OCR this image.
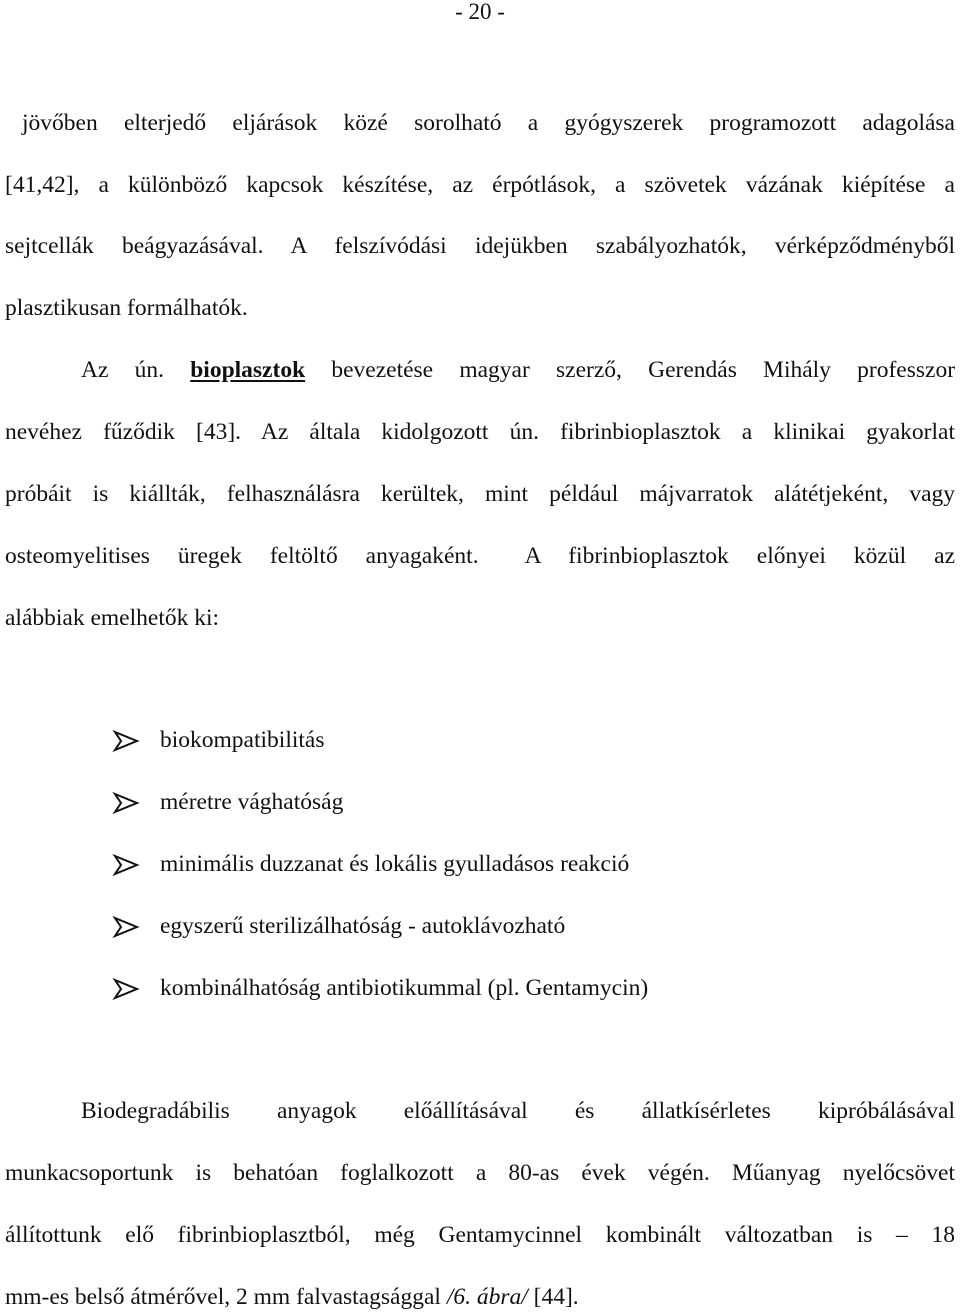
- 20 -
jövőben elterjedő eljárások közé sorolható a gyógyszerek programozott adagolása
[41,42], a különböző kapcsok készítése, az érpótlások, a szövetek vázának kiépítése a
sejtcellák beágyazásával. A felszívódási idejükben szabályozhatók, vérképződményből
plasztikusan formálhatók.
Az ún. bioplasztok bevezetése magyar szerző, Gerendás Mihály professzor
nevéhez fűződik [43]. Az általa kidolgozott ún. fibrinbioplasztok a klinikai gyakorlat
próbáit is kiállták, felhasználásra kerültek, mint például májvarratok alátétjeként, vagy
osteomyelitises üregek feltöltő anyagaként. A fibrinbioplasztok előnyei közül az
alábbiak emelhetők ki:
biokompatibilitás
méretre vághatóság
minimális duzzanat és lokális gyulladásos reakció
egyszerű sterilizálhatóság - autoklávozható
kombinálhatóság antibiotikummal (pl. Gentamycin)
Biodegradábilis anyagok előállításával és állatkísérletes kipróbálásával
munkacsoportunk is behatóan foglalkozott a 80-as évek végén. Műanyag nyelőcsövet
állítottunk elő fibrinbioplasztból, még Gentamycinnel kombinált változatban is – 18
mm-es belső átmérővel, 2 mm falvastagsággal /6. ábra/ [44].
